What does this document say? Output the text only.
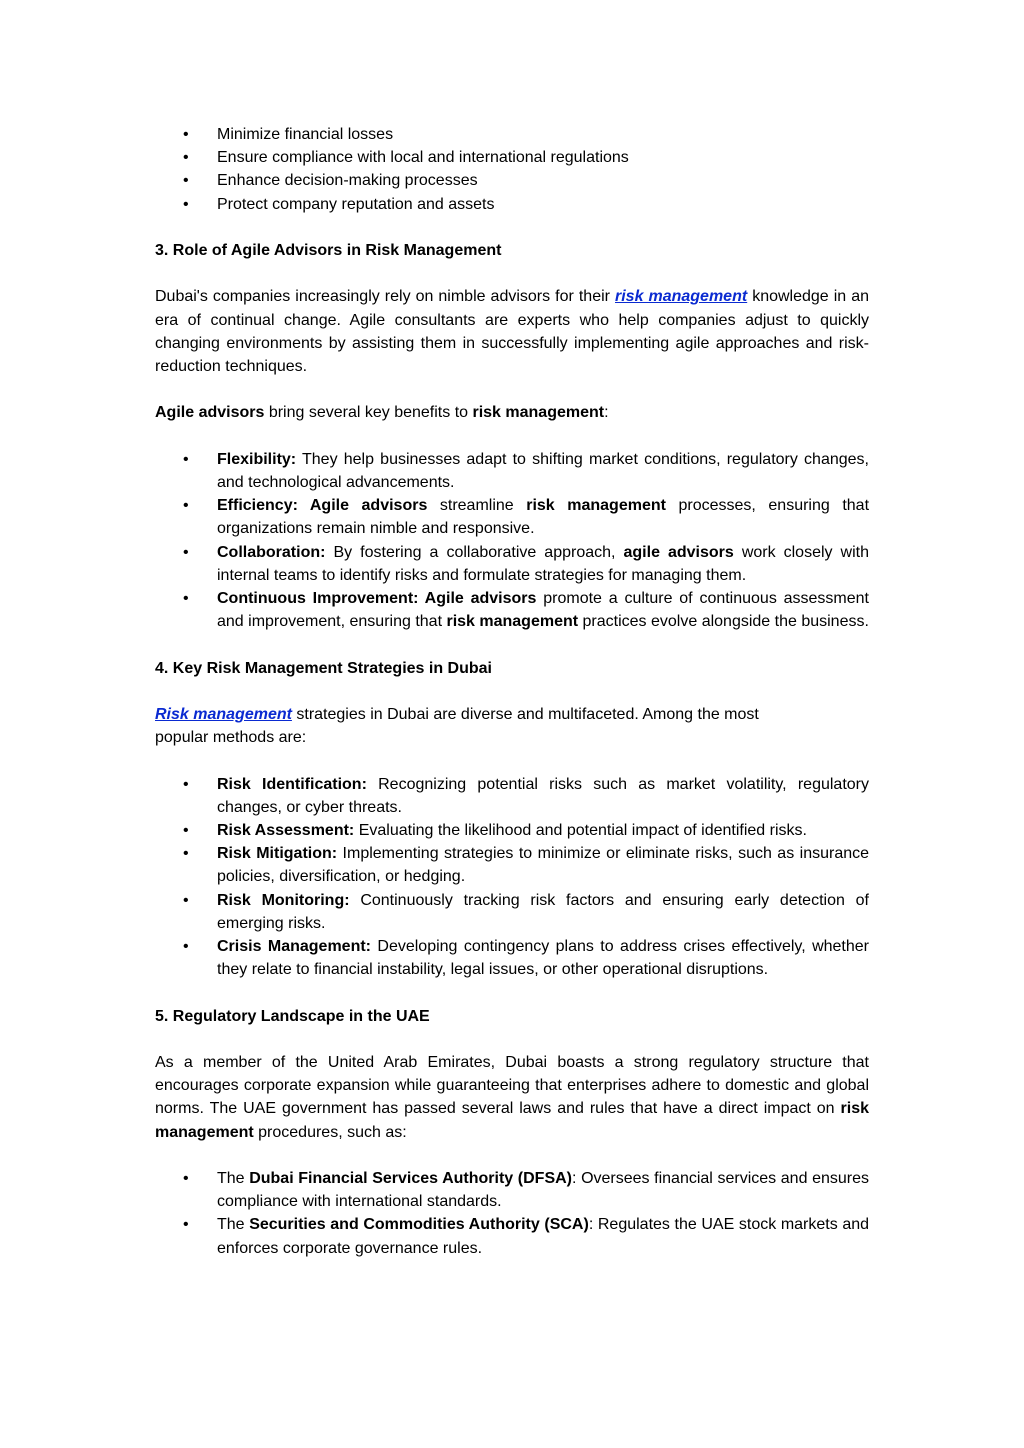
• Minimize financial losses
• Ensure compliance with local and international regulations
• Enhance decision-making processes
• Protect company reputation and assets
3. Role of Agile Advisors in Risk Management

Dubai's companies increasingly rely on nimble advisors for their risk management knowledge in an era of continual change. Agile consultants are experts who help companies adjust to quickly changing environments by assisting them in successfully implementing agile approaches and risk-reduction techniques.

Agile advisors bring several key benefits to risk management:

• Flexibility: They help businesses adapt to shifting market conditions, regulatory changes, and technological advancements.
• Efficiency: Agile advisors streamline risk management processes, ensuring that organizations remain nimble and responsive.
• Collaboration: By fostering a collaborative approach, agile advisors work closely with internal teams to identify risks and formulate strategies for managing them.
• Continuous Improvement: Agile advisors promote a culture of continuous assessment and improvement, ensuring that risk management practices evolve alongside the business.
4. Key Risk Management Strategies in Dubai

Risk management strategies in Dubai are diverse and multifaceted. Among the most
popular methods are:

• Risk Identification: Recognizing potential risks such as market volatility, regulatory changes, or cyber threats.
• Risk Assessment: Evaluating the likelihood and potential impact of identified risks.
• Risk Mitigation: Implementing strategies to minimize or eliminate risks, such as insurance policies, diversification, or hedging.
• Risk Monitoring: Continuously tracking risk factors and ensuring early detection of emerging risks.
• Crisis Management: Developing contingency plans to address crises effectively, whether they relate to financial instability, legal issues, or other operational disruptions.
5. Regulatory Landscape in the UAE

As a member of the United Arab Emirates, Dubai boasts a strong regulatory structure that encourages corporate expansion while guaranteeing that enterprises adhere to domestic and global norms. The UAE government has passed several laws and rules that have a direct impact on risk management procedures, such as:

• The Dubai Financial Services Authority (DFSA): Oversees financial services and ensures compliance with international standards.
• The Securities and Commodities Authority (SCA): Regulates the UAE stock markets and enforces corporate governance rules.
